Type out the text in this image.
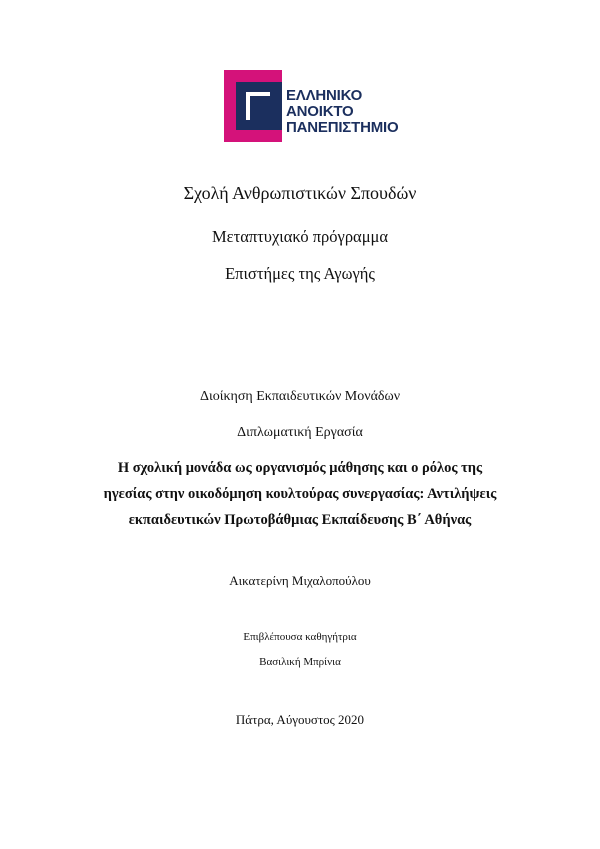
ΕΛΛΗΝΙΚΟ
ΑΝΟΙΚΤΟ
ΠΑΝΕΠΙΣΤΗΜΙΟ
Σχολή Ανθρωπιστικών Σπουδών
Μεταπτυχιακό πρόγραμμα
Επιστήμες της Αγωγής
Διοίκηση Εκπαιδευτικών Μονάδων
Διπλωματική Εργασία
Η σχολική μονάδα ως οργανισμός μάθησης και ο ρόλος της
ηγεσίας στην οικοδόμηση κουλτούρας συνεργασίας: Αντιλήψεις
εκπαιδευτικών Πρωτοβάθμιας Εκπαίδευσης Β΄ Αθήνας
Αικατερίνη Μιχαλοπούλου
Επιβλέπουσα καθηγήτρια
Βασιλική Μπρίνια
Πάτρα, Αύγουστος 2020
